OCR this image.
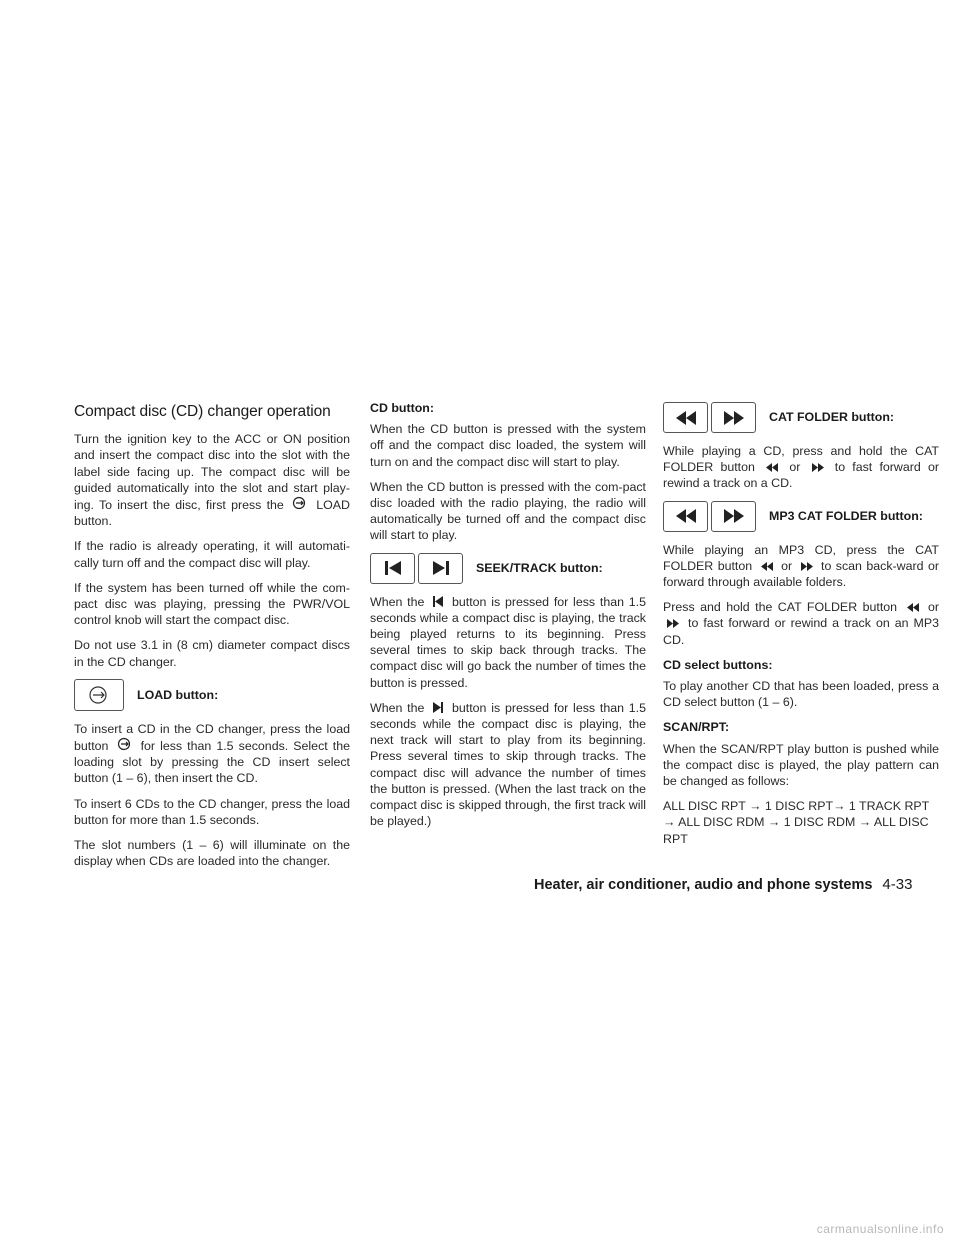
Compact disc (CD) changer operation

Turn the ignition key to the ACC or ON position and insert the compact disc into the slot with the label side facing up. The compact disc will be guided automatically into the slot and start play-ing. To insert the disc, first press the	LOAD button.

If the radio is already operating, it will automati-cally turn off and the compact disc will play.

If the system has been turned off while the com-pact disc was playing, pressing the PWR/VOL control knob will start the compact disc.

Do not use 3.1 in (8 cm) diameter compact discs in the CD changer.

LOAD button:

To insert a CD in the CD changer, press the load button	for less than 1.5 seconds. Select the loading slot by pressing the CD insert select button (1 – 6), then insert the CD.

To insert 6 CDs to the CD changer, press the load button for more than 1.5 seconds.

The slot numbers (1 – 6) will illuminate on the display when CDs are loaded into the changer.

CD button:

When the CD button is pressed with the system off and the compact disc loaded, the system will turn on and the compact disc will start to play.

When the CD button is pressed with the com-pact disc loaded with the radio playing, the radio will automatically be turned off and the compact disc will start to play.

SEEK/TRACK button:

When the button is pressed for less than 1.5 seconds while a compact disc is playing, the track being played returns to its beginning. Press several times to skip back through tracks. The compact disc will go back the number of times the button is pressed.

When the button is pressed for less than 1.5 seconds while the compact disc is playing, the next track will start to play from its beginning. Press several times to skip through tracks. The compact disc will advance the number of times the button is pressed. (When the last track on the compact disc is skipped through, the first track will be played.)

CAT FOLDER button:

While playing a CD, press and hold the CAT FOLDER button	or	to fast forward or rewind a track on a CD.

MP3 CAT FOLDER button:

While playing an MP3 CD, press the CAT FOLDER button or to scan back-ward or forward through available folders.

Press and hold the CAT FOLDER button or  to fast forward or rewind a track on an MP3 CD.

CD select buttons:

To play another CD that has been loaded, press a CD select button (1 – 6).

SCAN/RPT:

When the SCAN/RPT play button is pushed while the compact disc is played, the play pattern can be changed as follows:

ALL DISC RPT → 1 DISC RPT→ 1 TRACK RPT → ALL DISC RDM → 1 DISC RDM → ALL DISC RPT

Heater, air conditioner, audio and phone systems 4-33
carmanualsonline.info
